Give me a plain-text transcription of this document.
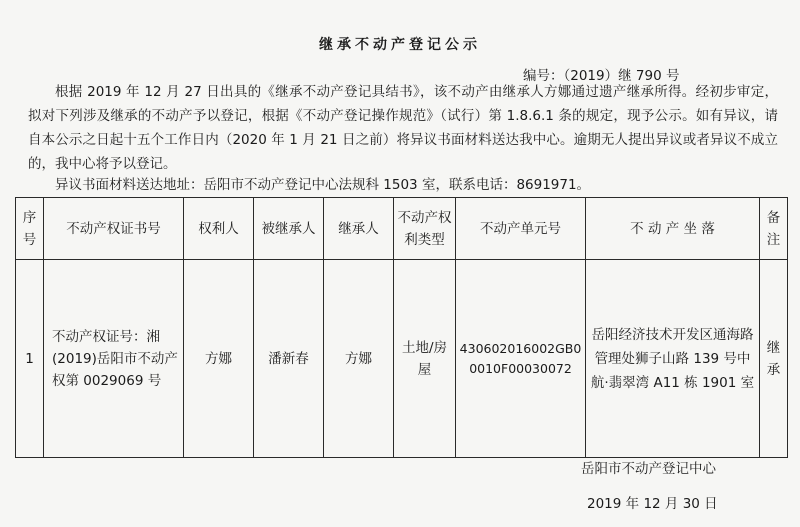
继承不动产登记公示
编号：（2019）继 790 号

根据 2019 年 12 月 27 日出具的《继承不动产登记具结书》，该不动产由继承人方娜通过遗产继承所得。经初步审定， 拟对下列涉及继承的不动产予以登记，根据《不动产登记操作规范》（试行）第 1.8.6.1 条的规定，现予公示。如有异议，请自本公示之日起十五个工作日内（2020 年 1 月 21 日之前）将异议书面材料送达我中心。逾期无人提出异议或者异议不成立的，我中心将予以登记。

异议书面材料送达地址：岳阳市不动产登记中心法规科 1503 室，联系电话：8691971。
序号	不动产权证书号	权利人	被继承人	继承人	不动产权利类型	不动产单元号	不 动 产 坐 落	备注
1	不动产权证号：湘(2019)岳阳市不动产权第 0029069 号	方娜	潘新春	方娜	土地/房屋	430602016002GB00010F00030072	岳阳经济技术开发区通海路管理处狮子山路 139 号中航·翡翠湾 A11 栋 1901 室	继承
岳阳市不动产登记中心
2019 年 12 月 30 日
